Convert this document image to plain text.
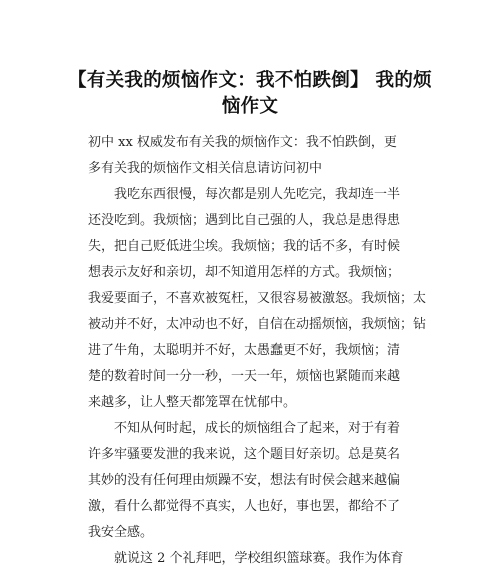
【有关我的烦恼作文：我不怕跌倒】 我的烦恼作文
初中 xx 权威发布有关我的烦恼作文：我不怕跌倒，更
多有关我的烦恼作文相关信息请访问初中
我吃东西很慢，每次都是别人先吃完，我却连一半
还没吃到。我烦恼；遇到比自己强的人，我总是患得患
失，把自己贬低进尘埃。我烦恼；我的话不多，有时候
想表示友好和亲切，却不知道用怎样的方式。我烦恼；
我爱要面子，不喜欢被冤枉，又很容易被激怒。我烦恼；太
被动并不好，太冲动也不好，自信在动摇烦恼，我烦恼；钻
进了牛角，太聪明并不好，太愚蠢更不好，我烦恼；清
楚的数着时间一分一秒，一天一年，烦恼也紧随而来越
来越多，让人整天都笼罩在忧郁中。
不知从何时起，成长的烦恼组合了起来，对于有着
许多牢骚要发泄的我来说，这个题目好亲切。总是莫名
其妙的没有任何理由烦躁不安，想法有时侯会越来越偏
激，看什么都觉得不真实，人也好，事也罢，都给不了
我安全感。
就说这 2 个礼拜吧，学校组织篮球赛。我作为体育
